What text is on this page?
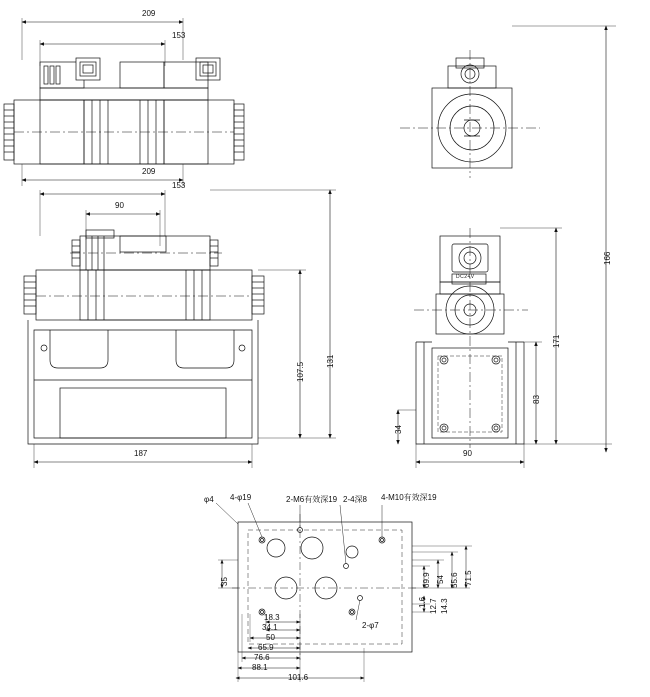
209
153
209
153
90
131
107.5
187
166
171
83
34
90
φ4 4-φ19	2-M6有效深19 2-4深8 4-M10有效深19
2-φ7
35	54 55.6
69.9	71.5
1.6 12.7 14.3
18.3
34.1
50
65.9
76.6
88.1
101.6
DC24V
